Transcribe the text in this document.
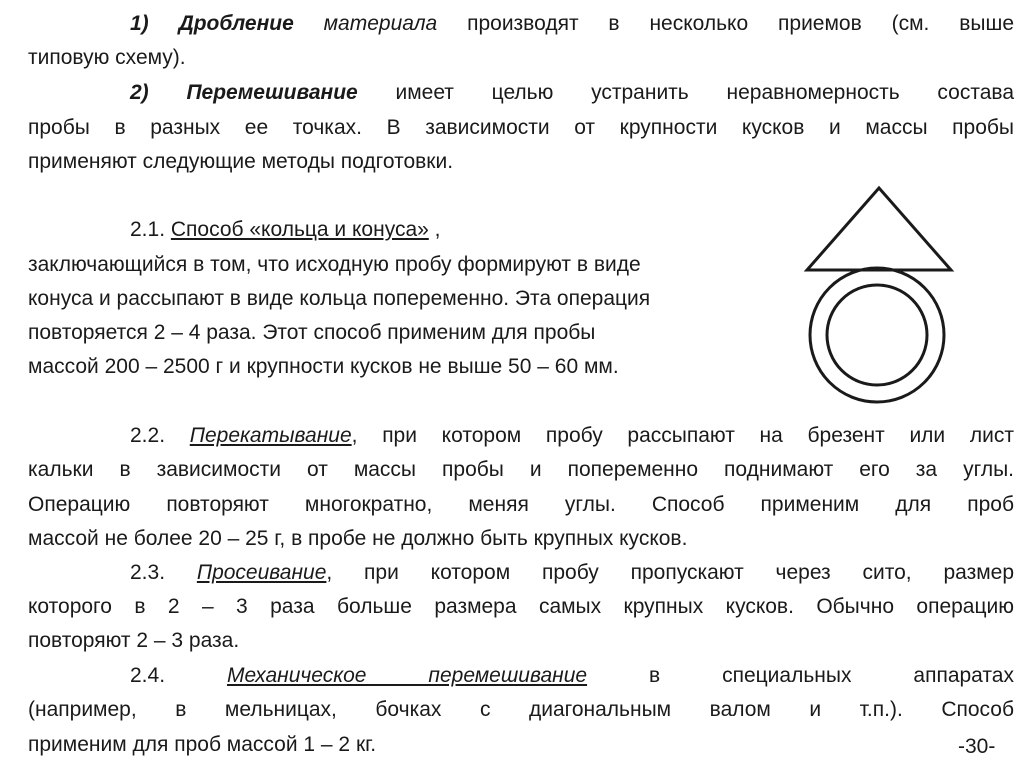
1) Дробление материала производят в несколько приемов (см. выше
типовую схему).
2) Перемешивание имеет целью устранить неравномерность состава
пробы в разных ее точках. В зависимости от крупности кусков и массы пробы
применяют следующие методы подготовки.
2.1. Способ «кольца и конуса» ,
заключающийся в том, что исходную пробу формируют в виде
конуса и рассыпают в виде кольца попеременно. Эта операция
повторяется 2 – 4 раза. Этот способ применим для пробы
массой 200 – 2500 г и крупности кусков не выше 50 – 60 мм.
2.2. Перекатывание, при котором пробу рассыпают на брезент или лист
кальки в зависимости от массы пробы и попеременно поднимают его за углы.
Операцию повторяют многократно, меняя углы. Способ применим для проб
массой не более 20 – 25 г, в пробе не должно быть крупных кусков.
2.3. Просеивание, при котором пробу пропускают через сито, размер
которого в 2 – 3 раза больше размера самых крупных кусков. Обычно операцию
повторяют 2 – 3 раза.
2.4.	Механическое перемешивание	в	специальных	аппаратах
(например, в мельницах, бочках с диагональным валом и т.п.). Способ
применим для проб массой 1 – 2 кг.	-30-
